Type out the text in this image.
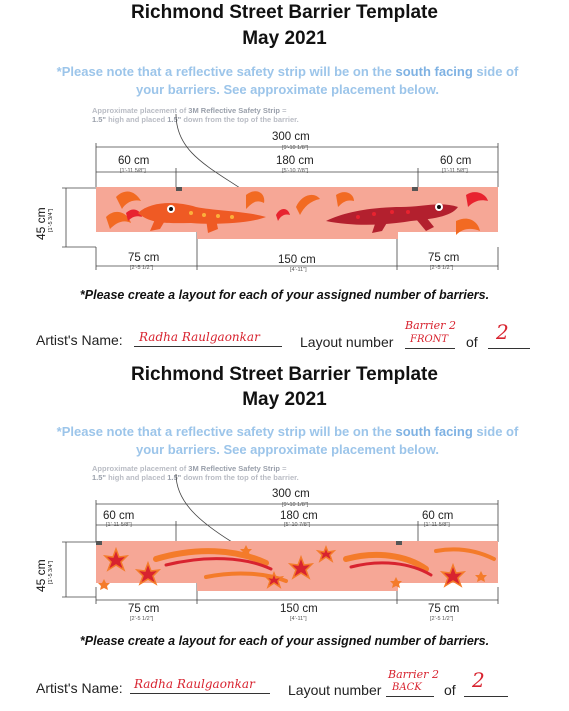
Richmond Street Barrier Template
May 2021
*Please note that a reflective safety strip will be on the south facing side of
your barriers. See approximate placement below.
Approximate placement of 3M Reflective Safety Strip =
1.5" high and placed 1.5" down from the top of the barrier.
300 cm
[9'-10 1/8"]
60 cm
[1'-11 5/8"]
180 cm
[5'-10 7/8"]
60 cm
[1'-11 5/8"]
45 cm [1'-5 3/4"]
75 cm
[2'-5 1/2"]
150 cm
[4'-11"]
75 cm
[2'-5 1/2"]
*Please create a layout for each of your assigned number of barriers.
Artist's Name: Radha Raulgaonkar	Layout number
Barrier 2
FRONT of 2
Richmond Street Barrier Template
May 2021
*Please note that a reflective safety strip will be on the south facing side of
your barriers. See approximate placement below.
Approximate placement of 3M Reflective Safety Strip =
1.5" high and placed 1.5" down from the top of the barrier.
300 cm
[9'-10 1/8"]
60 cm
[1'-11 5/8"]
180 cm
[5'-10 7/8"]
60 cm
[1'-11 5/8"]
45 cm [1'-5 3/4"]
75 cm
[2'-5 1/2"]
150 cm
[4'-11"]
75 cm
[2'-5 1/2"]
*Please create a layout for each of your assigned number of barriers.
Artist's Name: Radha Raulgaonkar Layout number
Barrier 2
BACK of 2
